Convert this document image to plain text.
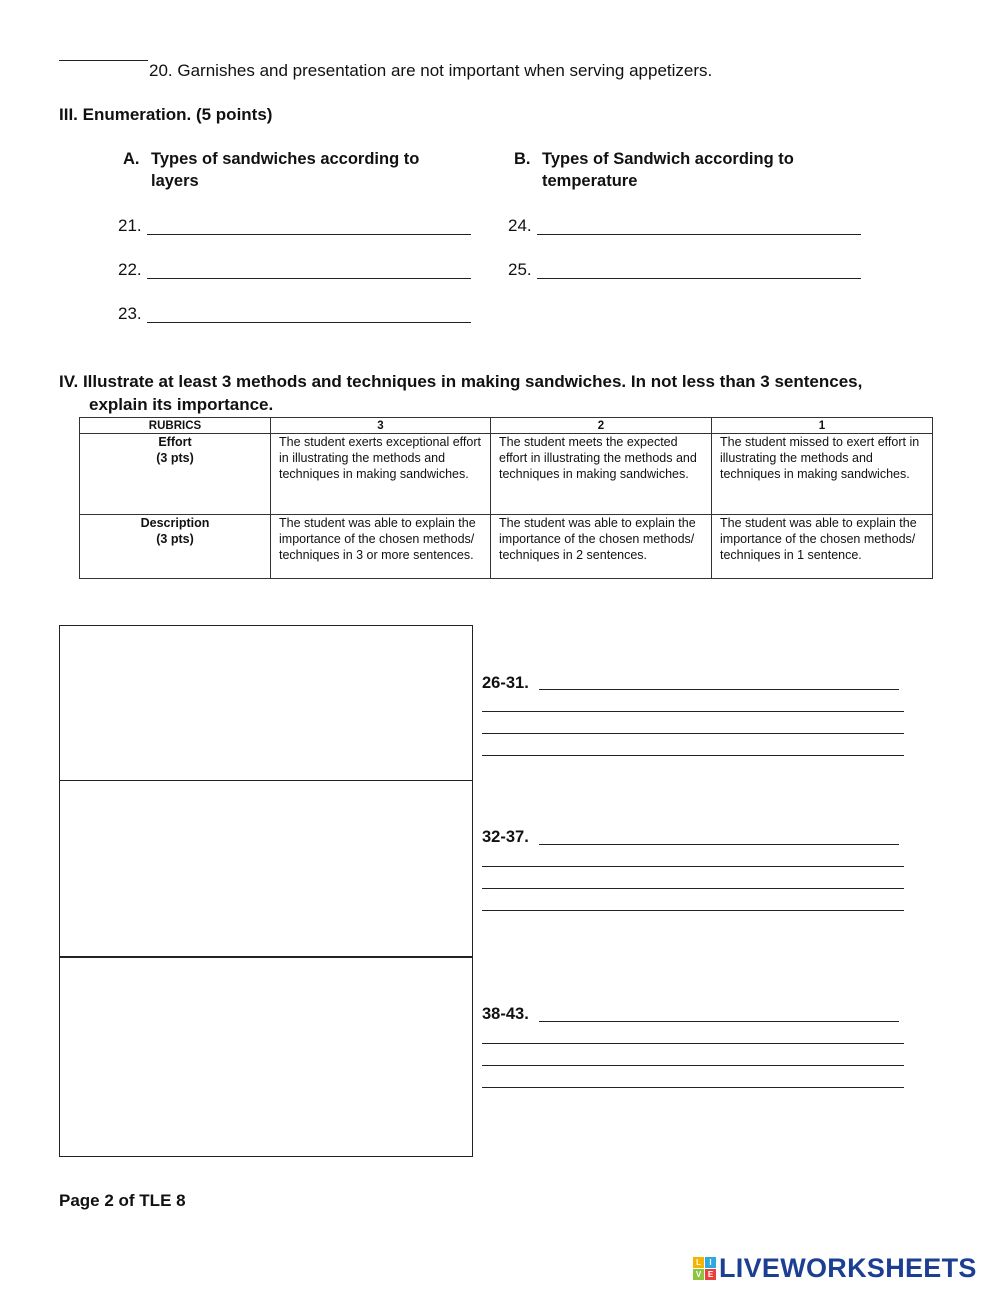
20. Garnishes and presentation are not important when serving appetizers.
III. Enumeration. (5 points)
A. Types of sandwiches according to
layers
B. Types of Sandwich according to
temperature
21.
22.
23.
24.
25.
IV. Illustrate at least 3 methods and techniques in making sandwiches. In not less than 3 sentences,
explain its importance.
RUBRICS	3	2	1

Effort
(3 pts)	The student exerts exceptional effort in illustrating the methods and techniques in making sandwiches.	The student meets the expected effort in illustrating the methods and techniques in making sandwiches.	The student missed to exert effort in illustrating the methods and techniques in making sandwiches.

Description
(3 pts)	The student was able to explain the importance of the chosen methods/ techniques in 3 or more sentences.	The student was able to explain the importance of the chosen methods/ techniques in 2 sentences.	The student was able to explain the importance of the chosen methods/ techniques in 1 sentence.
26-31.
32-37.
38-43.
Page 2 of TLE 8
L	I
V E LIVEWORKSHEETS
